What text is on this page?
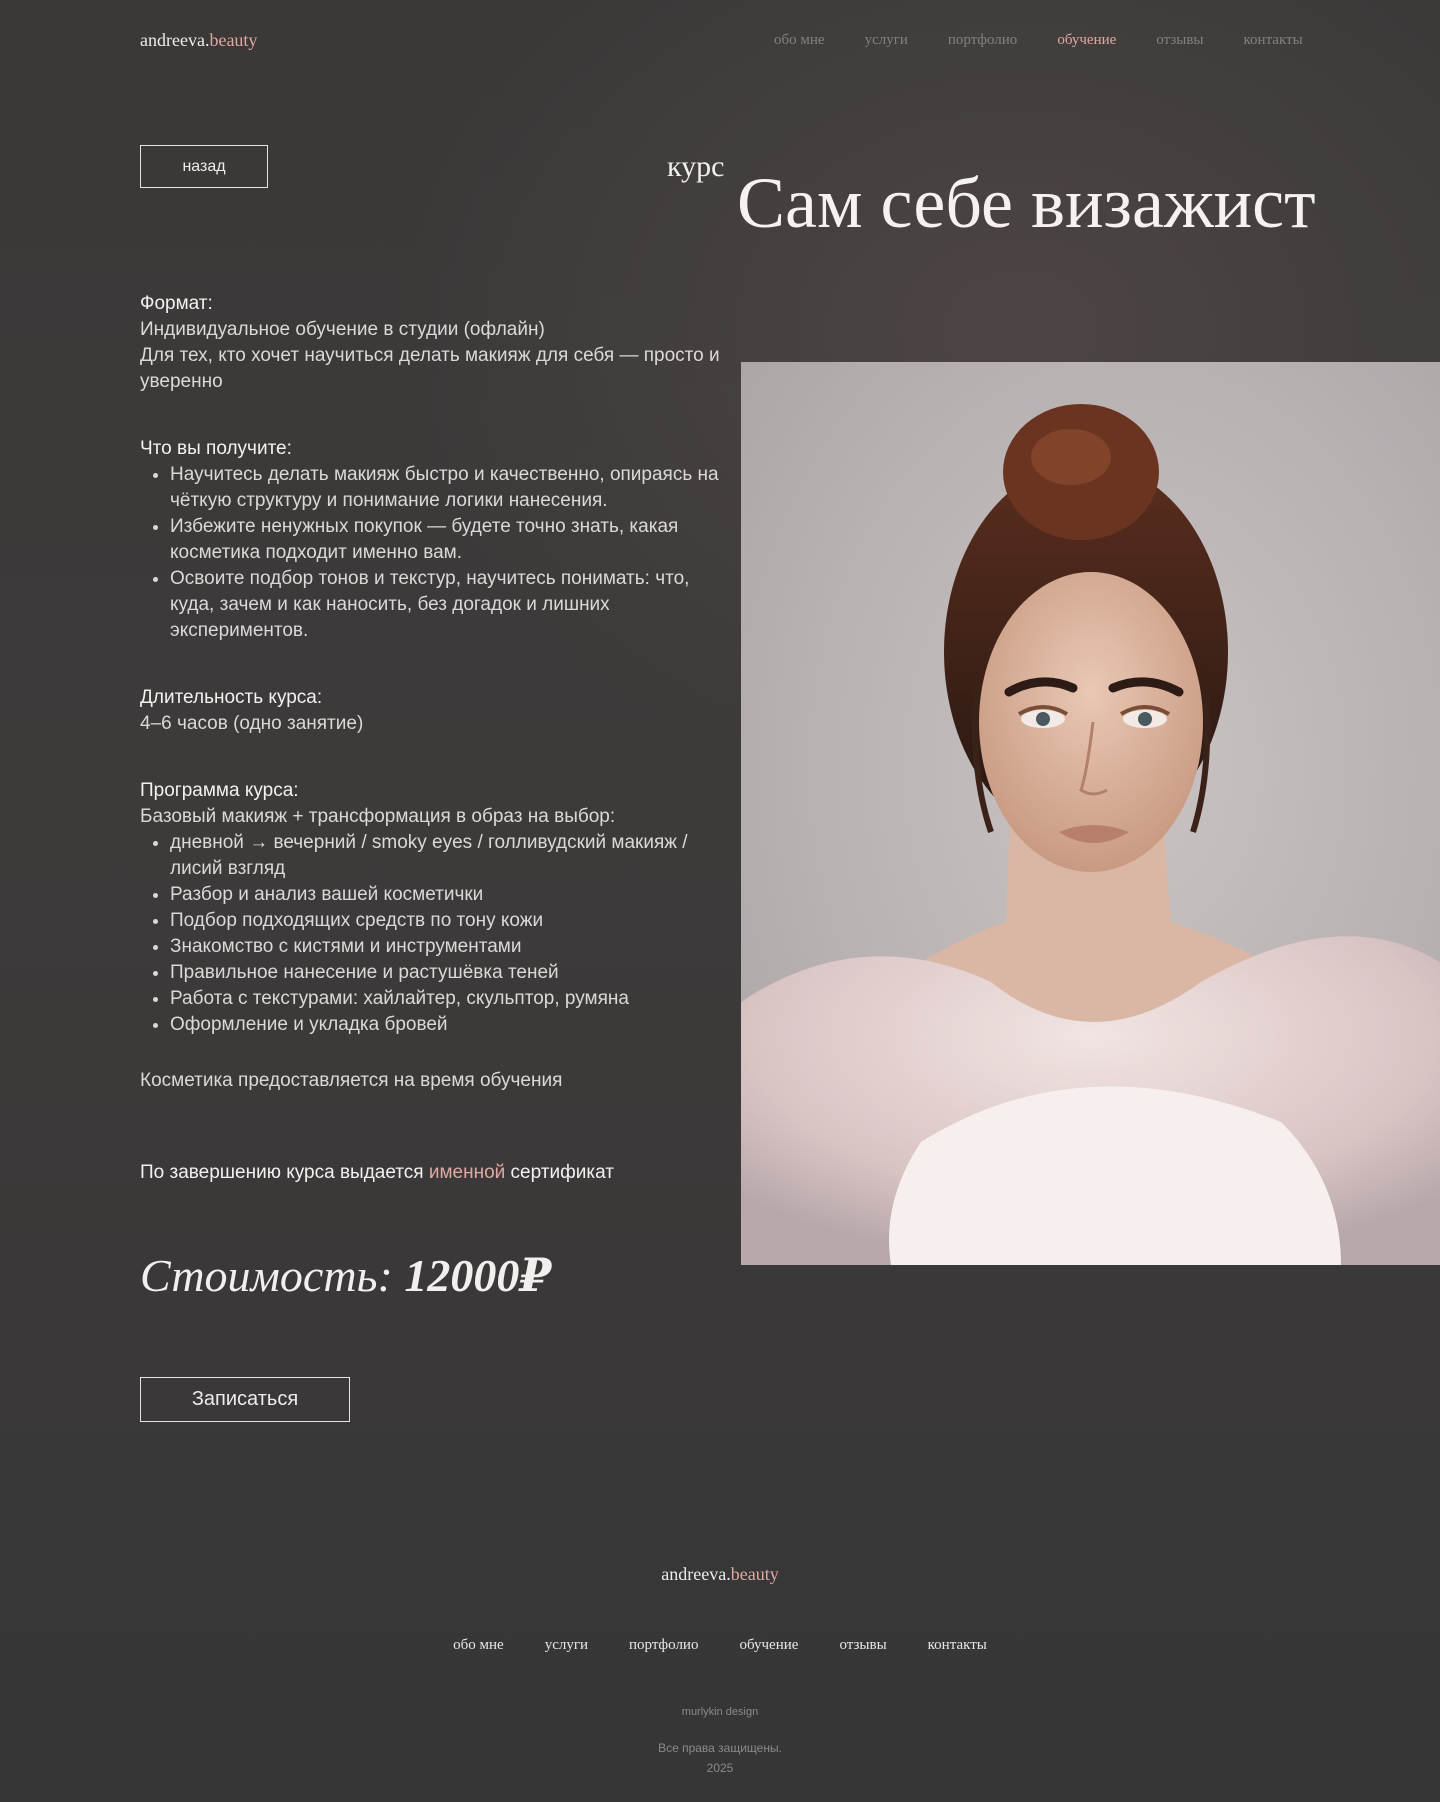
andreeva.beauty	обо мне	услуги	портфолио	обучение	отзывы	контакты
назад	курс Сам себе визажист

Формат:

Индивидуальное обучение в студии (офлайн)

Для тех, кто хочет научиться делать макияж для себя — просто и уверенно

Что вы получите:

• Научитесь делать макияж быстро и качественно, опираясь на чёткую структуру и понимание логики нанесения.
• Избежите ненужных покупок — будете точно знать, какая косметика подходит именно вам.
• Освоите подбор тонов и текстур, научитесь понимать: что, куда, зачем и как наносить, без догадок и лишних экспериментов.

Длительность курса:

4–6 часов (одно занятие)

Программа курса:

Базовый макияж + трансформация в образ на выбор:

• дневной → вечерний / smoky eyes / голливудский макияж / лисий взгляд
• Разбор и анализ вашей косметички
• Подбор подходящих средств по тону кожи
• Знакомство с кистями и инструментами
• Правильное нанесение и растушёвка теней
• Работа с текстурами: хайлайтер, скульптор, румяна
• Оформление и укладка бровей

Косметика предоставляется на время обучения

По завершению курса выдается именной сертификат

Стоимость: 12000₽
Записаться
andreeva.beauty
обо мне	услуги	портфолио	обучение	отзывы	контакты
murlykin design
Все права защищены.
2025
